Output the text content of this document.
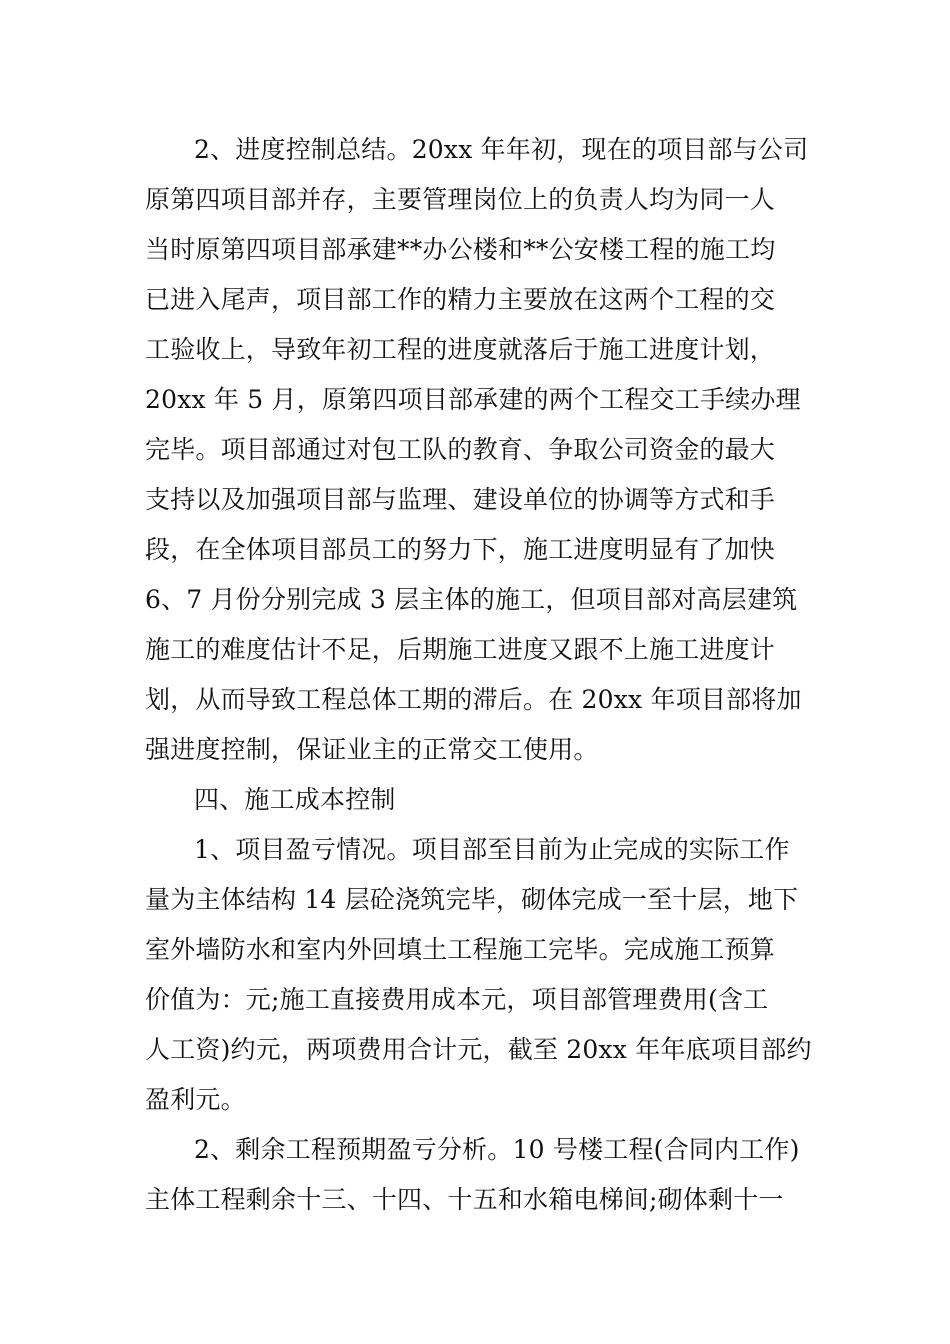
2、进度控制总结。20xx 年年初，现在的项目部与公司
原第四项目部并存，主要管理岗位上的负责人均为同一人
当时原第四项目部承建**办公楼和**公安楼工程的施工均
已进入尾声，项目部工作的精力主要放在这两个工程的交
工验收上，导致年初工程的进度就落后于施工进度计划，
20xx 年 5 月，原第四项目部承建的两个工程交工手续办理
完毕。项目部通过对包工队的教育、争取公司资金的最大
支持以及加强项目部与监理、建设单位的协调等方式和手
段，在全体项目部员工的努力下，施工进度明显有了加快
6、7 月份分别完成 3 层主体的施工，但项目部对高层建筑
施工的难度估计不足，后期施工进度又跟不上施工进度计
划，从而导致工程总体工期的滞后。在 20xx 年项目部将加
强进度控制，保证业主的正常交工使用。
四、施工成本控制
1、项目盈亏情况。项目部至目前为止完成的实际工作
量为主体结构 14 层砼浇筑完毕，砌体完成一至十层，地下
室外墙防水和室内外回填土工程施工完毕。完成施工预算
价值为：元;施工直接费用成本元，项目部管理费用(含工
人工资)约元，两项费用合计元，截至 20xx 年年底项目部约
盈利元。
2、剩余工程预期盈亏分析。10 号楼工程(合同内工作)
主体工程剩余十三、十四、十五和水箱电梯间;砌体剩十一
